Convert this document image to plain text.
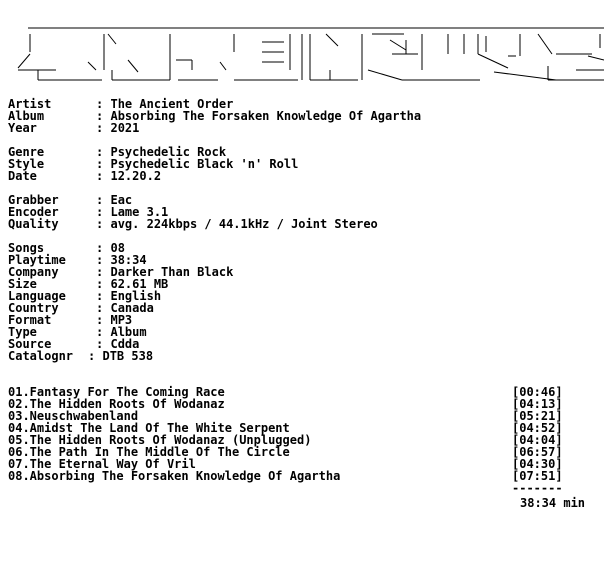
Artist	:
The Ancient Order
Album	:
Absorbing The Forsaken Knowledge Of Agartha
Year	:
2021
Genre	:
Psychedelic Rock
Style	:
Psychedelic Black 'n' Roll
Date	:
12.20.2
Grabber	:
Eac
Encoder	:
Lame 3.1
Quality	:
avg. 224kbps / 44.1kHz / Joint Stereo
Songs	:
08
Playtime	:
38:34
Company	:
Darker Than Black
Size	:
62.61 MB
Language	:
English
Country	:
Canada
Format	:
MP3
Type	:
Album
Source	:
Cdda
Catalognr	:
DTB 538
01.Fantasy For The Coming Race	[00:46]
02.The Hidden Roots Of Wodanaz	[04:13]
03.Neuschwabenland	[05:21]
04.Amidst The Land Of The White Serpent	[04:52]
05.The Hidden Roots Of Wodanaz (Unplugged)	[04:04]
06.The Path In The Middle Of The Circle	[06:57]
07.The Eternal Way Of Vril	[04:30]
08.Absorbing The Forsaken Knowledge Of Agartha	[07:51]
-------
38:34 min
